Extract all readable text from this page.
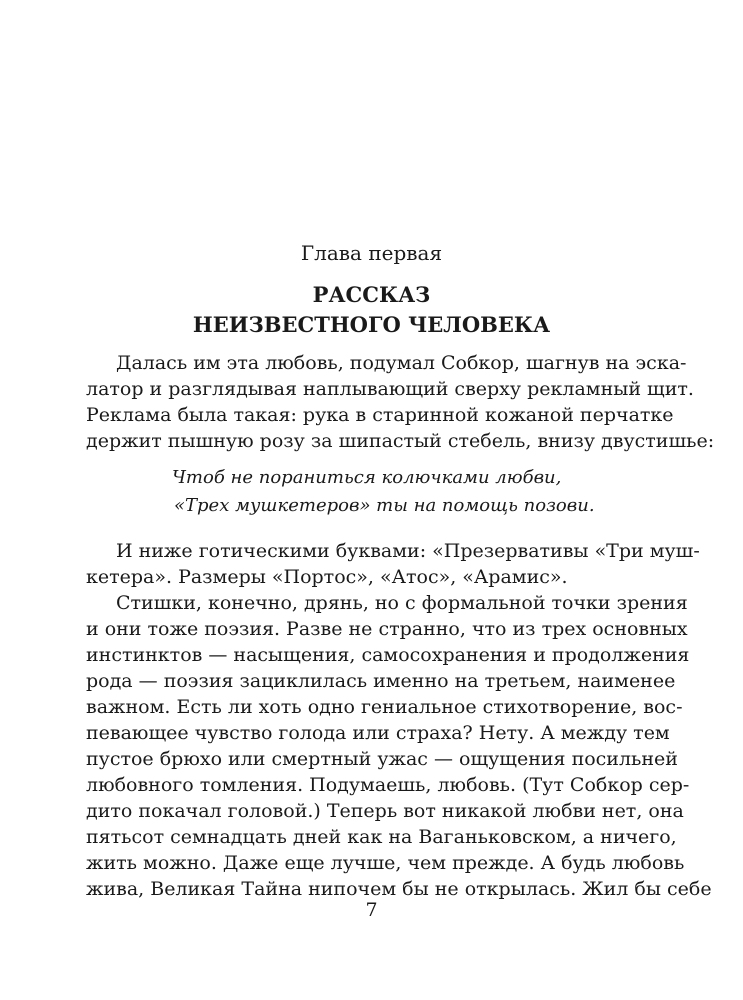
Глава первая
РАССКАЗ
НЕИЗВЕСТНОГО ЧЕЛОВЕКА
Далась им эта любовь, подумал Собкор, шагнув на эска-
латор и разглядывая наплывающий сверху рекламный щит.
Реклама была такая: рука в старинной кожаной перчатке
держит пышную розу за шипастый стебель, внизу двустишье:
Чтоб не пораниться колючками любви,
«Трех мушкетеров» ты на помощь позови.
И ниже готическими буквами: «Презервативы «Три муш-
кетера». Размеры «Портос», «Атос», «Арамис».
Стишки, конечно, дрянь, но с формальной точки зрения
и они тоже поэзия. Разве не странно, что из трех основных
инстинктов — насыщения, самосохранения и продолжения
рода — поэзия зациклилась именно на третьем, наименее
важном. Есть ли хоть одно гениальное стихотворение, вос-
певающее чувство голода или страха? Нету. А между тем
пустое брюхо или смертный ужас — ощущения посильней
любовного томления. Подумаешь, любовь. (Тут Собкор сер-
дито покачал головой.) Теперь вот никакой любви нет, она
пятьсот семнадцать дней как на Ваганьковском, а ничего,
жить можно. Даже еще лучше, чем прежде. А будь любовь
жива, Великая Тайна нипочем бы не открылась. Жил бы себе
7
